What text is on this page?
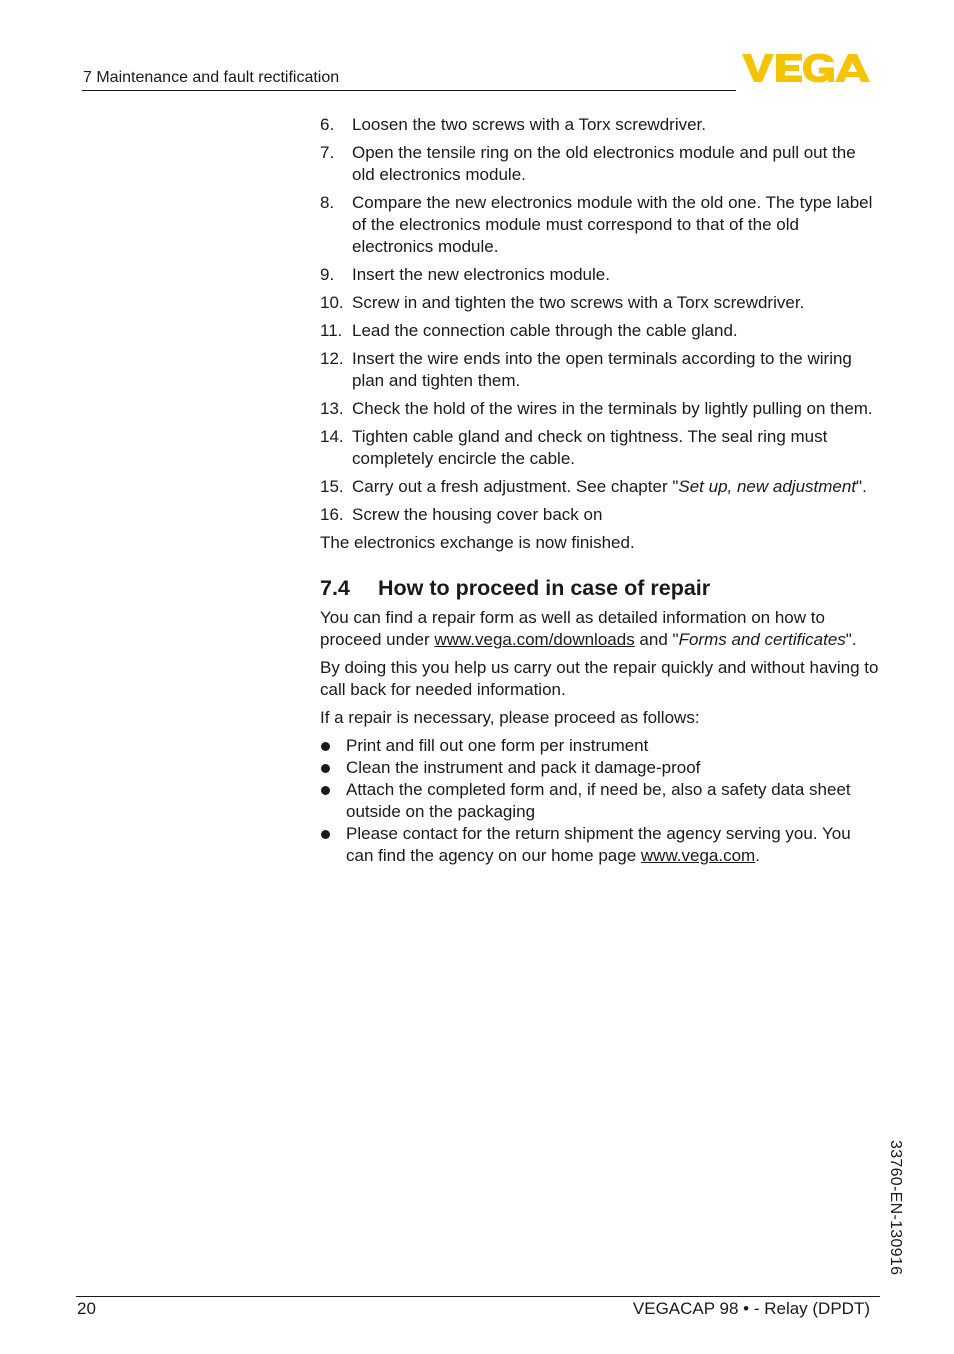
7 Maintenance and fault rectification
6. Loosen the two screws with a Torx screwdriver.
7. Open the tensile ring on the old electronics module and pull out the old electronics module.
8. Compare the new electronics module with the old one. The type label of the electronics module must correspond to that of the old electronics module.
9. Insert the new electronics module.
10. Screw in and tighten the two screws with a Torx screwdriver.
11. Lead the connection cable through the cable gland.
12. Insert the wire ends into the open terminals according to the wiring plan and tighten them.
13. Check the hold of the wires in the terminals by lightly pulling on them.
14. Tighten cable gland and check on tightness. The seal ring must completely encircle the cable.
15. Carry out a fresh adjustment. See chapter "Set up, new adjustment".
16. Screw the housing cover back on

The electronics exchange is now finished.

7.4 How to proceed in case of repair

You can find a repair form as well as detailed information on how to proceed under www.vega.com/downloads and "Forms and certificates".

By doing this you help us carry out the repair quickly and without having to call back for needed information.

If a repair is necessary, please proceed as follows:

Print and fill out one form per instrument
Clean the instrument and pack it damage-proof
Attach the completed form and, if need be, also a safety data sheet outside on the packaging
Please contact for the return shipment the agency serving you. You can find the agency on our home page www.vega.com.
33760-EN-130916
20	VEGACAP 98 • - Relay (DPDT)
